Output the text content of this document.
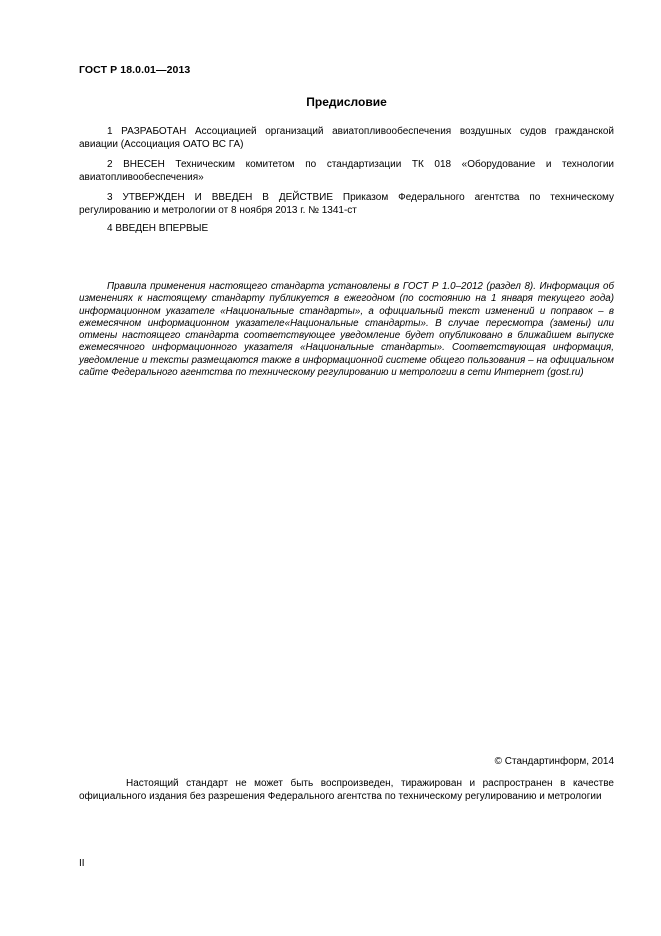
ГОСТ Р 18.0.01—2013
Предисловие

1 РАЗРАБОТАН Ассоциацией организаций авиатопливообеспечения воздушных судов гражданской авиации (Ассоциация ОАТО ВС ГА)

2 ВНЕСЕН Техническим комитетом по стандартизации ТК 018 «Оборудование и технологии авиатопливообеспечения»

3 УТВЕРЖДЕН И ВВЕДЕН В ДЕЙСТВИЕ Приказом Федерального агентства по техническому регулированию и метрологии от 8 ноября 2013 г. № 1341-ст

4 ВВЕДЕН ВПЕРВЫЕ

Правила применения настоящего стандарта установлены в ГОСТ Р 1.0–2012 (раздел 8). Информация об изменениях к настоящему стандарту публикуется в ежегодном (по состоянию на 1 января текущего года) информационном указателе «Национальные стандарты», а официальный текст изменений и поправок – в ежемесячном информационном указателе«Национальные стандарты». В случае пересмотра (замены) или отмены настоящего стандарта соответствующее уведомление будет опубликовано в ближайшем выпуске ежемесячного информационного указателя «Национальные стандарты». Соответствующая информация, уведомление и тексты размещаются также в информационной системе общего пользования – на официальном сайте Федерального агентства по техническому регулированию и метрологии в сети Интернет (gost.ru)

© Стандартинформ, 2014

Настоящий стандарт не может быть воспроизведен, тиражирован и распространен в качестве официального издания без разрешения Федерального агентства по техническому регулированию и метрологии

II
